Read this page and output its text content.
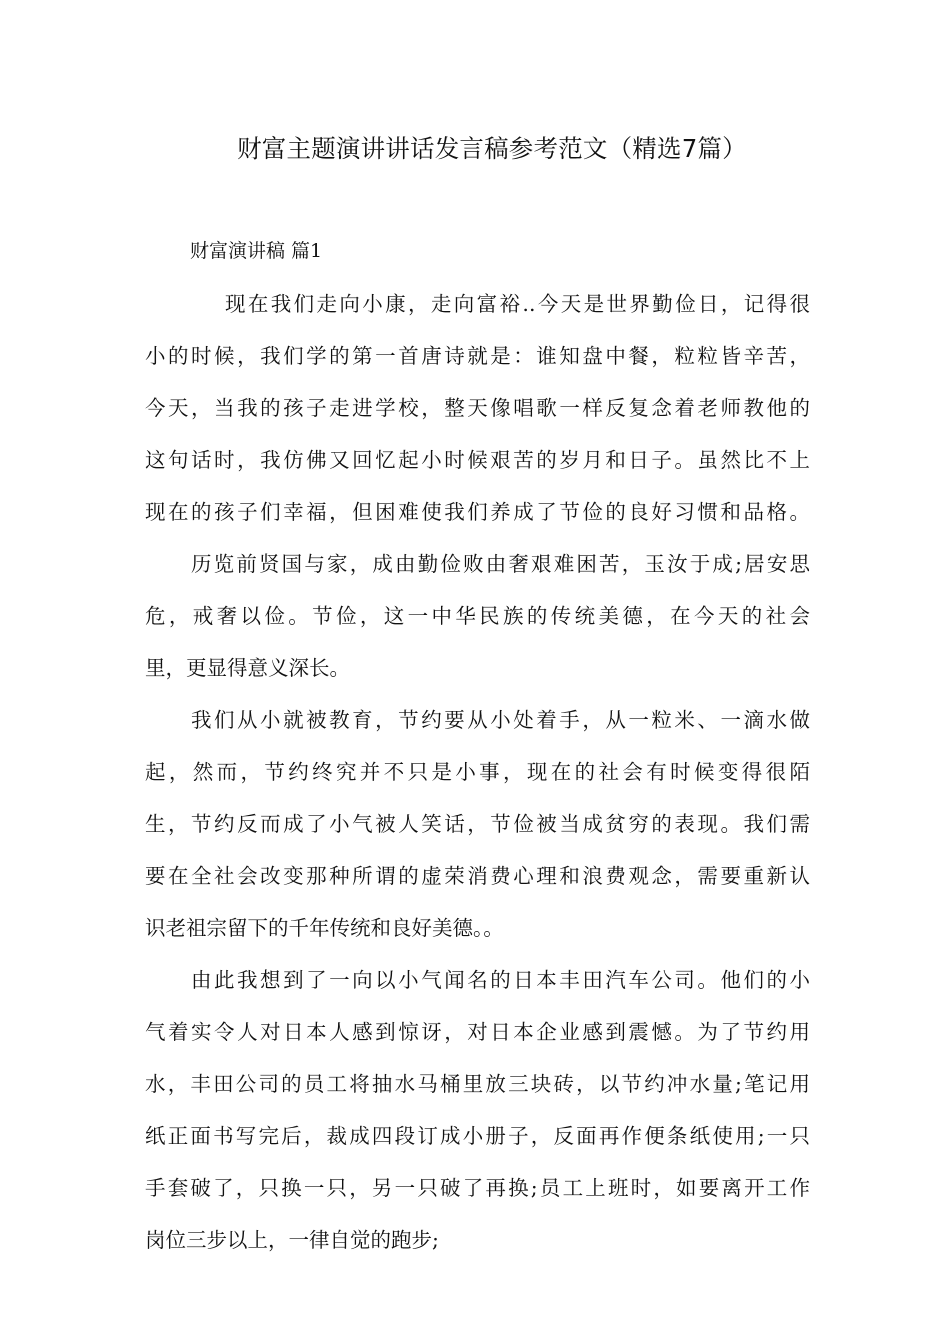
财富主题演讲讲话发言稿参考范文（精选7篇）
财富演讲稿 篇1
现在我们走向小康，走向富裕..今天是世界勤俭日，记得很
小的时候，我们学的第一首唐诗就是：谁知盘中餐，粒粒皆辛苦，
今天，当我的孩子走进学校，整天像唱歌一样反复念着老师教他的
这句话时，我仿佛又回忆起小时候艰苦的岁月和日子。虽然比不上
现在的孩子们幸福，但困难使我们养成了节俭的良好习惯和品格。
历览前贤国与家，成由勤俭败由奢艰难困苦，玉汝于成;居安思
危，戒奢以俭。节俭，这一中华民族的传统美德，在今天的社会
里，更显得意义深长。
我们从小就被教育，节约要从小处着手，从一粒米、一滴水做
起，然而，节约终究并不只是小事，现在的社会有时候变得很陌
生，节约反而成了小气被人笑话，节俭被当成贫穷的表现。我们需
要在全社会改变那种所谓的虚荣消费心理和浪费观念，需要重新认
识老祖宗留下的千年传统和良好美德。。
由此我想到了一向以小气闻名的日本丰田汽车公司。他们的小
气着实令人对日本人感到惊讶，对日本企业感到震憾。为了节约用
水，丰田公司的员工将抽水马桶里放三块砖，以节约冲水量;笔记用
纸正面书写完后，裁成四段订成小册子，反面再作便条纸使用;一只
手套破了，只换一只，另一只破了再换;员工上班时，如要离开工作
岗位三步以上，一律自觉的跑步;
